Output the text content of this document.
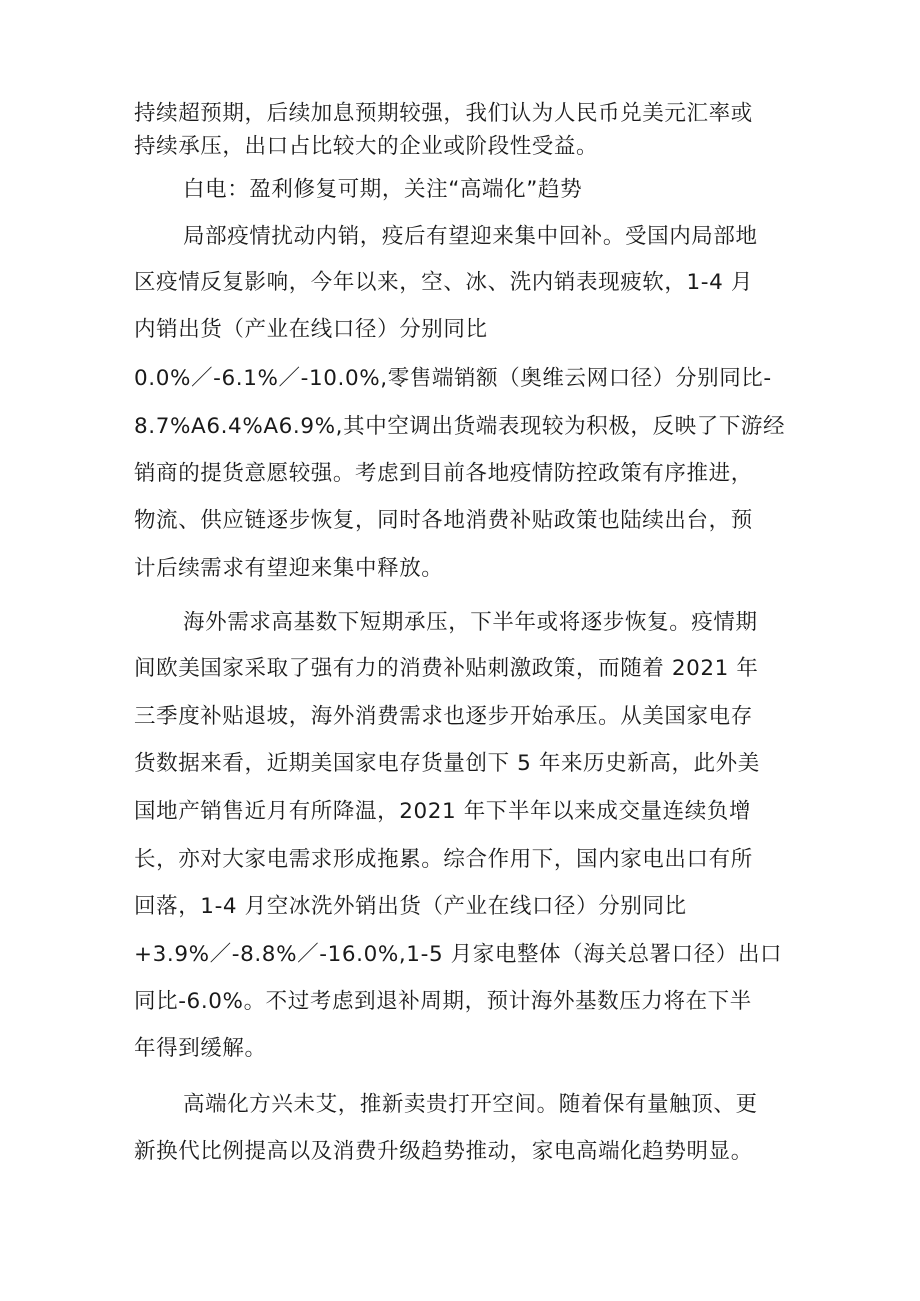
持续超预期，后续加息预期较强，我们认为人民币兑美元汇率或
持续承压，出口占比较大的企业或阶段性受益。
白电：盈利修复可期，关注“高端化”趋势
局部疫情扰动内销，疫后有望迎来集中回补。受国内局部地
区疫情反复影响，今年以来，空、冰、洗内销表现疲软，1-4 月
内销出货（产业在线口径）分别同比
0.0%／-6.1%／-10.0%,零售端销额（奥维云网口径）分别同比-
8.7%A6.4%A6.9%,其中空调出货端表现较为积极，反映了下游经
销商的提货意愿较强。考虑到目前各地疫情防控政策有序推进，
物流、供应链逐步恢复，同时各地消费补贴政策也陆续出台，预
计后续需求有望迎来集中释放。
海外需求高基数下短期承压，下半年或将逐步恢复。疫情期
间欧美国家采取了强有力的消费补贴刺激政策，而随着 2021 年
三季度补贴退坡，海外消费需求也逐步开始承压。从美国家电存
货数据来看，近期美国家电存货量创下 5 年来历史新高，此外美
国地产销售近月有所降温，2021 年下半年以来成交量连续负增
长，亦对大家电需求形成拖累。综合作用下，国内家电出口有所
回落，1-4 月空冰洗外销出货（产业在线口径）分别同比
+3.9%／-8.8%／-16.0%,1-5 月家电整体（海关总署口径）出口
同比-6.0%。不过考虑到退补周期，预计海外基数压力将在下半
年得到缓解。
高端化方兴未艾，推新卖贵打开空间。随着保有量触顶、更
新换代比例提高以及消费升级趋势推动，家电高端化趋势明显。
